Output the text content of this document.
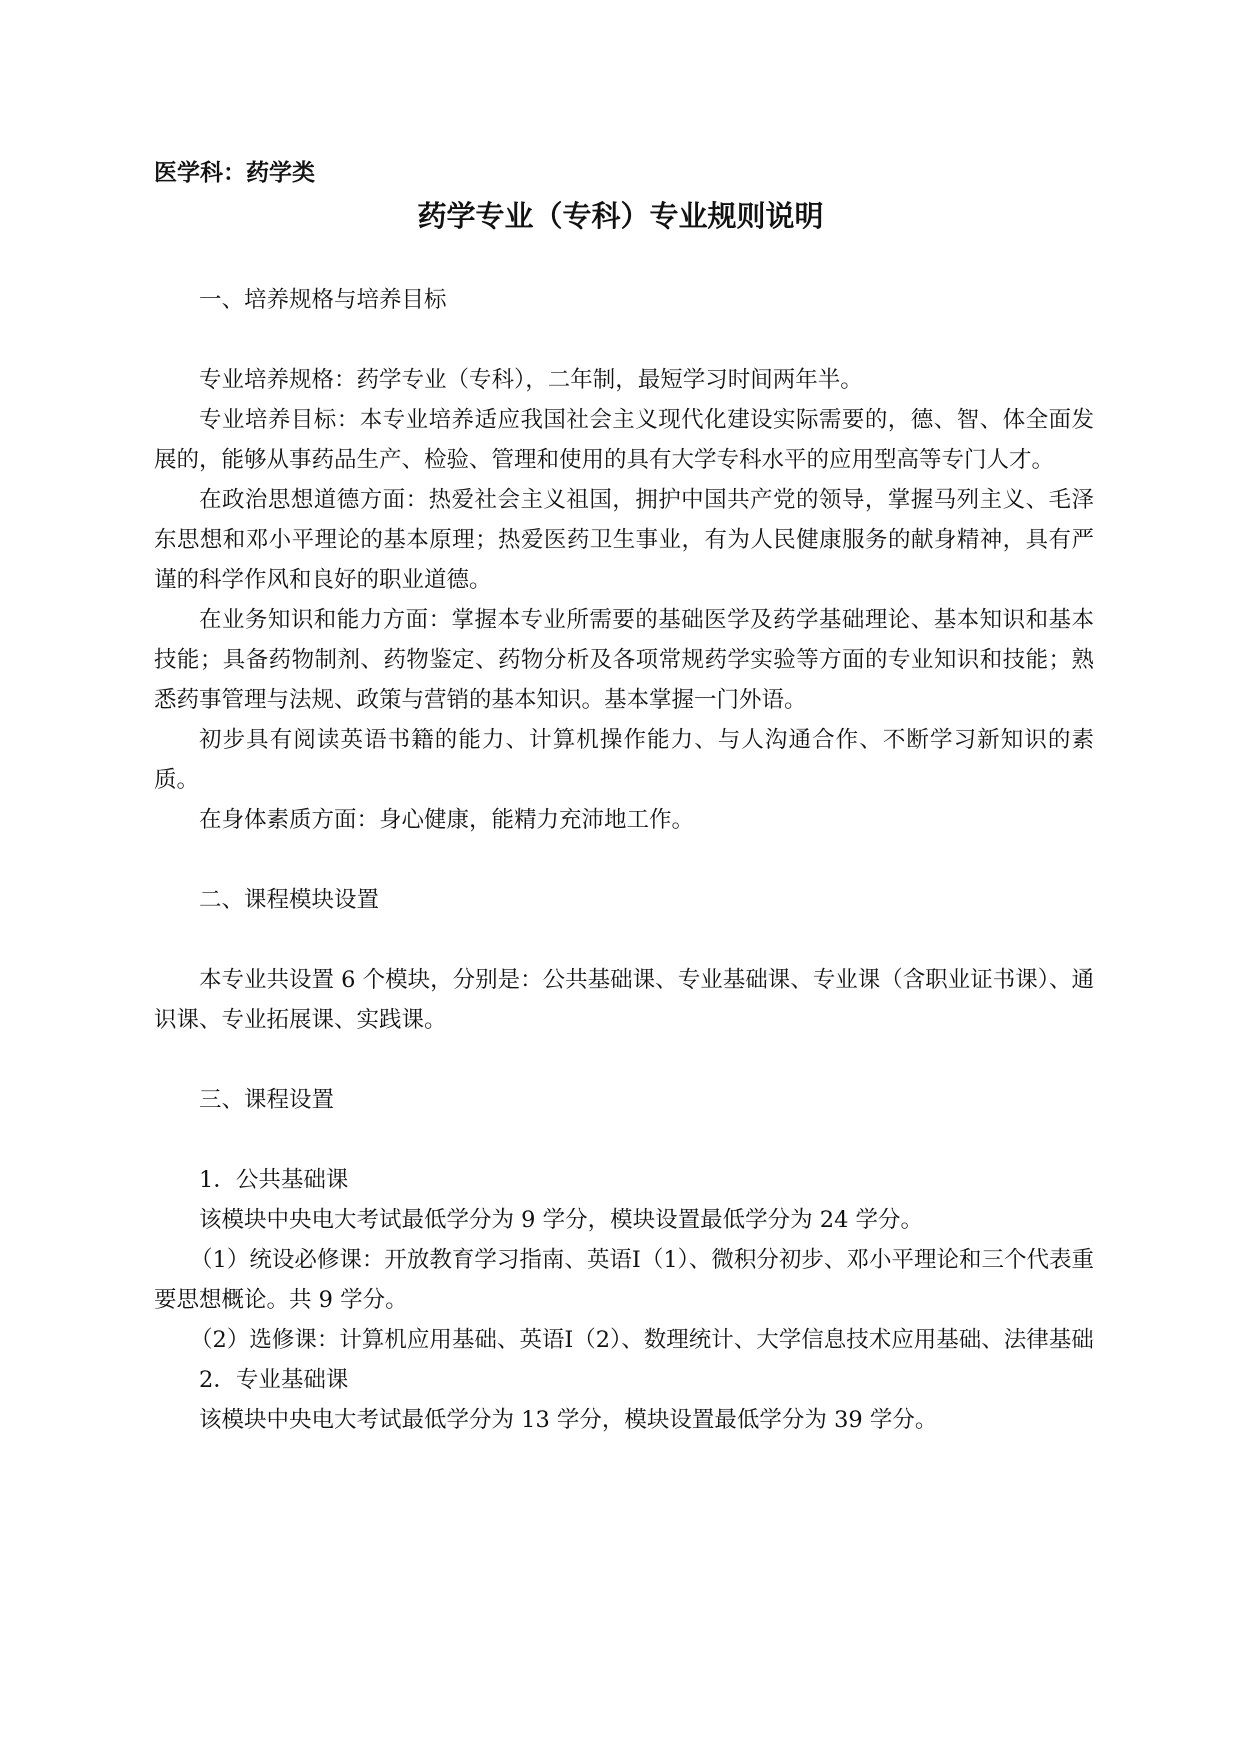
医学科：药学类
药学专业（专科）专业规则说明

一、培养规格与培养目标

专业培养规格：药学专业（专科），二年制，最短学习时间两年半。

专业培养目标：本专业培养适应我国社会主义现代化建设实际需要的，德、智、体全面发展的，能够从事药品生产、检验、管理和使用的具有大学专科水平的应用型高等专门人才。

在政治思想道德方面：热爱社会主义祖国，拥护中国共产党的领导，掌握马列主义、毛泽东思想和邓小平理论的基本原理；热爱医药卫生事业，有为人民健康服务的献身精神，具有严谨的科学作风和良好的职业道德。

在业务知识和能力方面：掌握本专业所需要的基础医学及药学基础理论、基本知识和基本技能；具备药物制剂、药物鉴定、药物分析及各项常规药学实验等方面的专业知识和技能；熟悉药事管理与法规、政策与营销的基本知识。基本掌握一门外语。

初步具有阅读英语书籍的能力、计算机操作能力、与人沟通合作、不断学习新知识的素质。

在身体素质方面：身心健康，能精力充沛地工作。

二、课程模块设置

本专业共设置 6 个模块，分别是：公共基础课、专业基础课、专业课（含职业证书课）、通识课、专业拓展课、实践课。

三、课程设置

1．公共基础课

该模块中央电大考试最低学分为 9 学分，模块设置最低学分为 24 学分。

（1）统设必修课：开放教育学习指南、英语Ⅰ（1）、微积分初步、邓小平理论和三个代表重要思想概论。共 9 学分。

（2）选修课：计算机应用基础、英语Ⅰ（2）、数理统计、大学信息技术应用基础、法律基础

2．专业基础课

该模块中央电大考试最低学分为 13 学分，模块设置最低学分为 39 学分。
